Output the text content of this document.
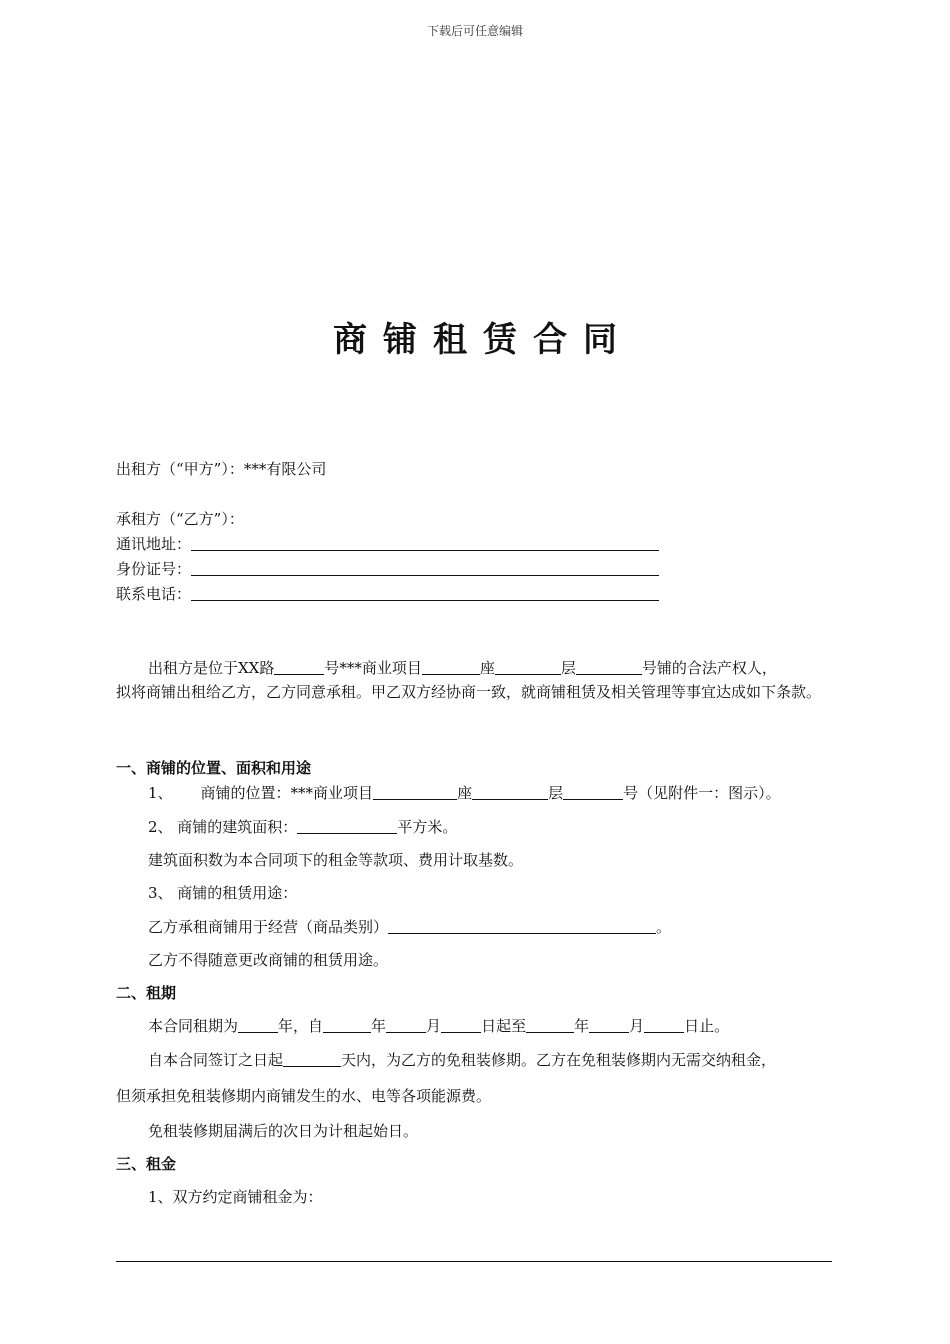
下载后可任意编辑
商铺租赁合同
出租方（“甲方”）：***有限公司
承租方（“乙方”）：
通讯地址：
身份证号：
联系电话：
出租方是位于XX路	号***商业项目	座	层	号铺的合法产权人，
拟将商铺出租给乙方，乙方同意承租。甲乙双方经协商一致，就商铺租赁及相关管理等事宜达成如下条款。
一、商铺的位置、面积和用途
1、 商铺的位置：***商业项目	座	层	号（见附件一：图示）。
2、 商铺的建筑面积：	平方米。
建筑面积数为本合同项下的租金等款项、费用计取基数。
3、 商铺的租赁用途：
乙方承租商铺用于经营（商品类别）	。
乙方不得随意更改商铺的租赁用途。
二、租期
本合同租期为	年，自	年	月	日起至	年	月	日止。
自本合同签订之日起	天内，为乙方的免租装修期。乙方在免租装修期内无需交纳租金，
但须承担免租装修期内商铺发生的水、电等各项能源费。
免租装修期届满后的次日为计租起始日。
三、租金
1、双方约定商铺租金为：
